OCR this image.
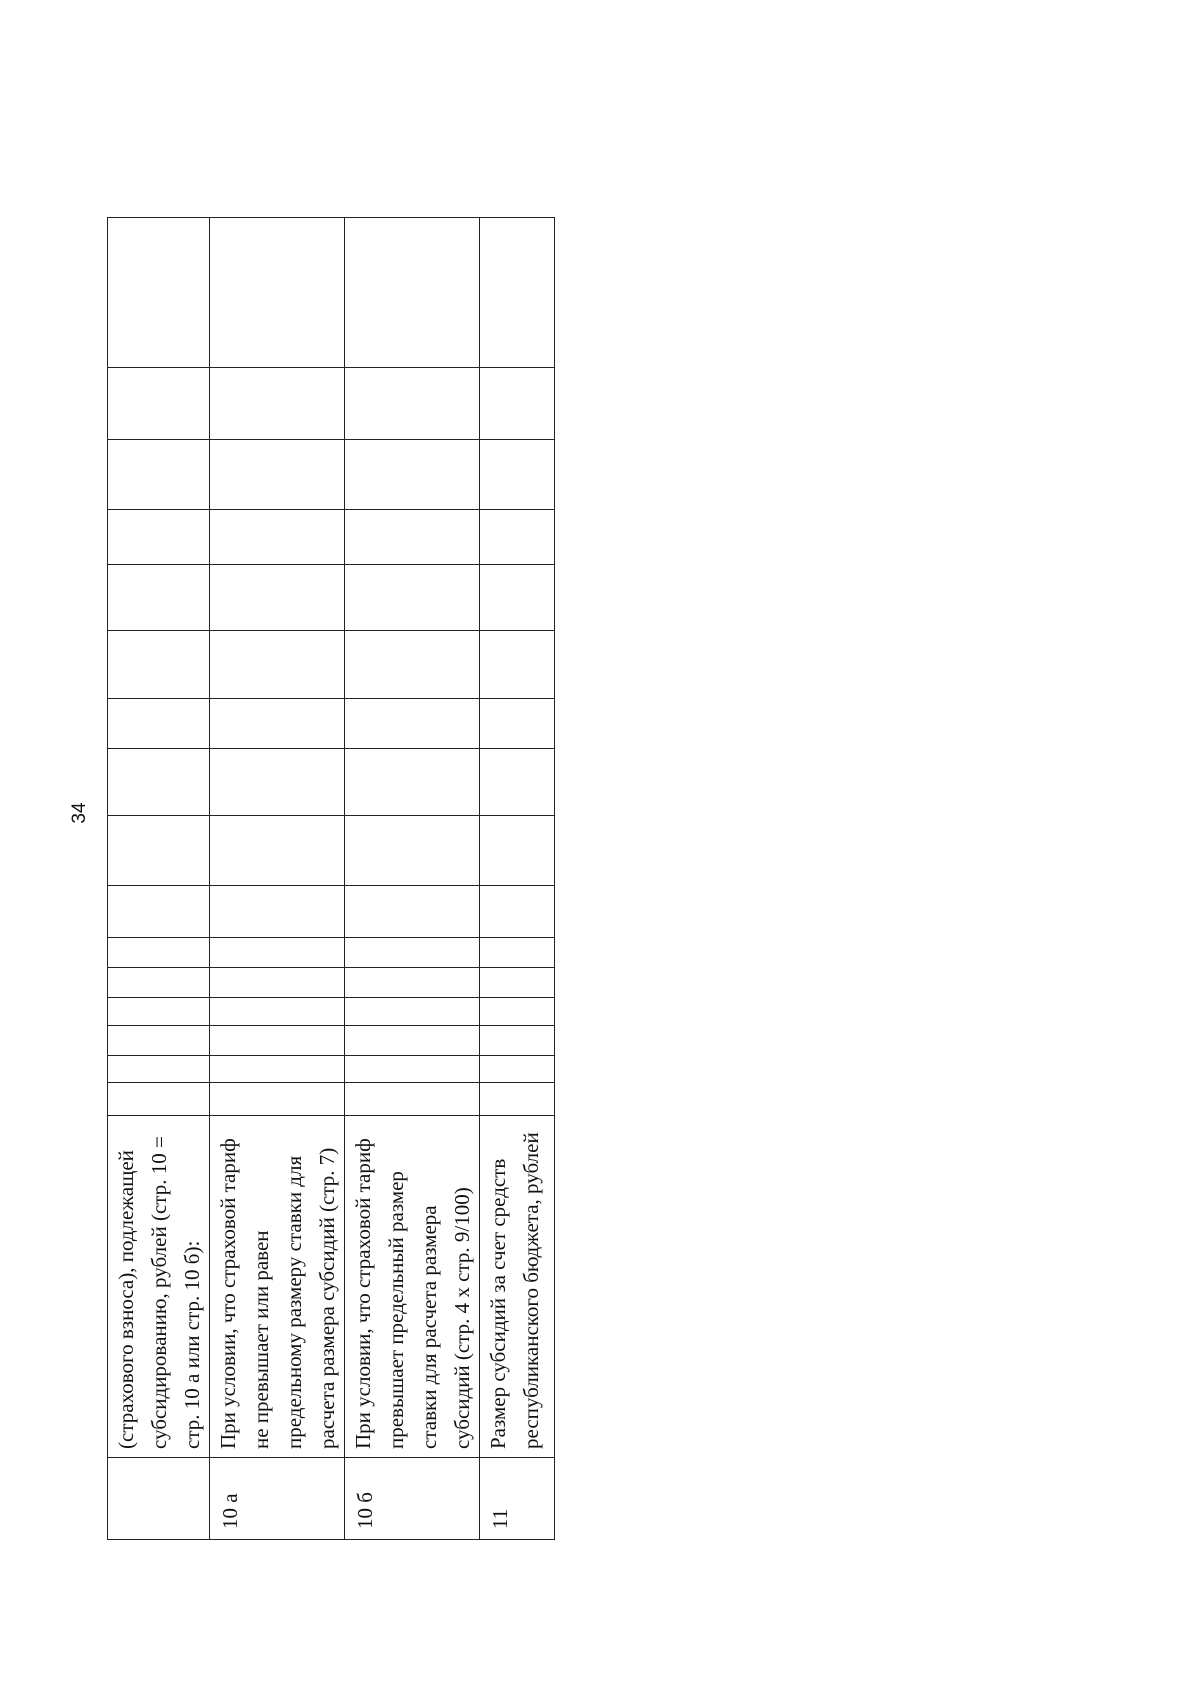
34
	(страхового взноса), подлежащей субсидированию, рублей (стр. 10 = стр. 10 а или стр. 10 б):																
10 а	При условии, что страховой тариф не превышает или равен предельному размеру ставки для расчета размера субсидий (стр. 7)																
10 б	При условии, что страховой тариф превышает предельный размер ставки для расчета размера субсидий (стр. 4 х стр. 9/100)																
11	Размер субсидий за счет средств республиканского бюджета, рублей																
